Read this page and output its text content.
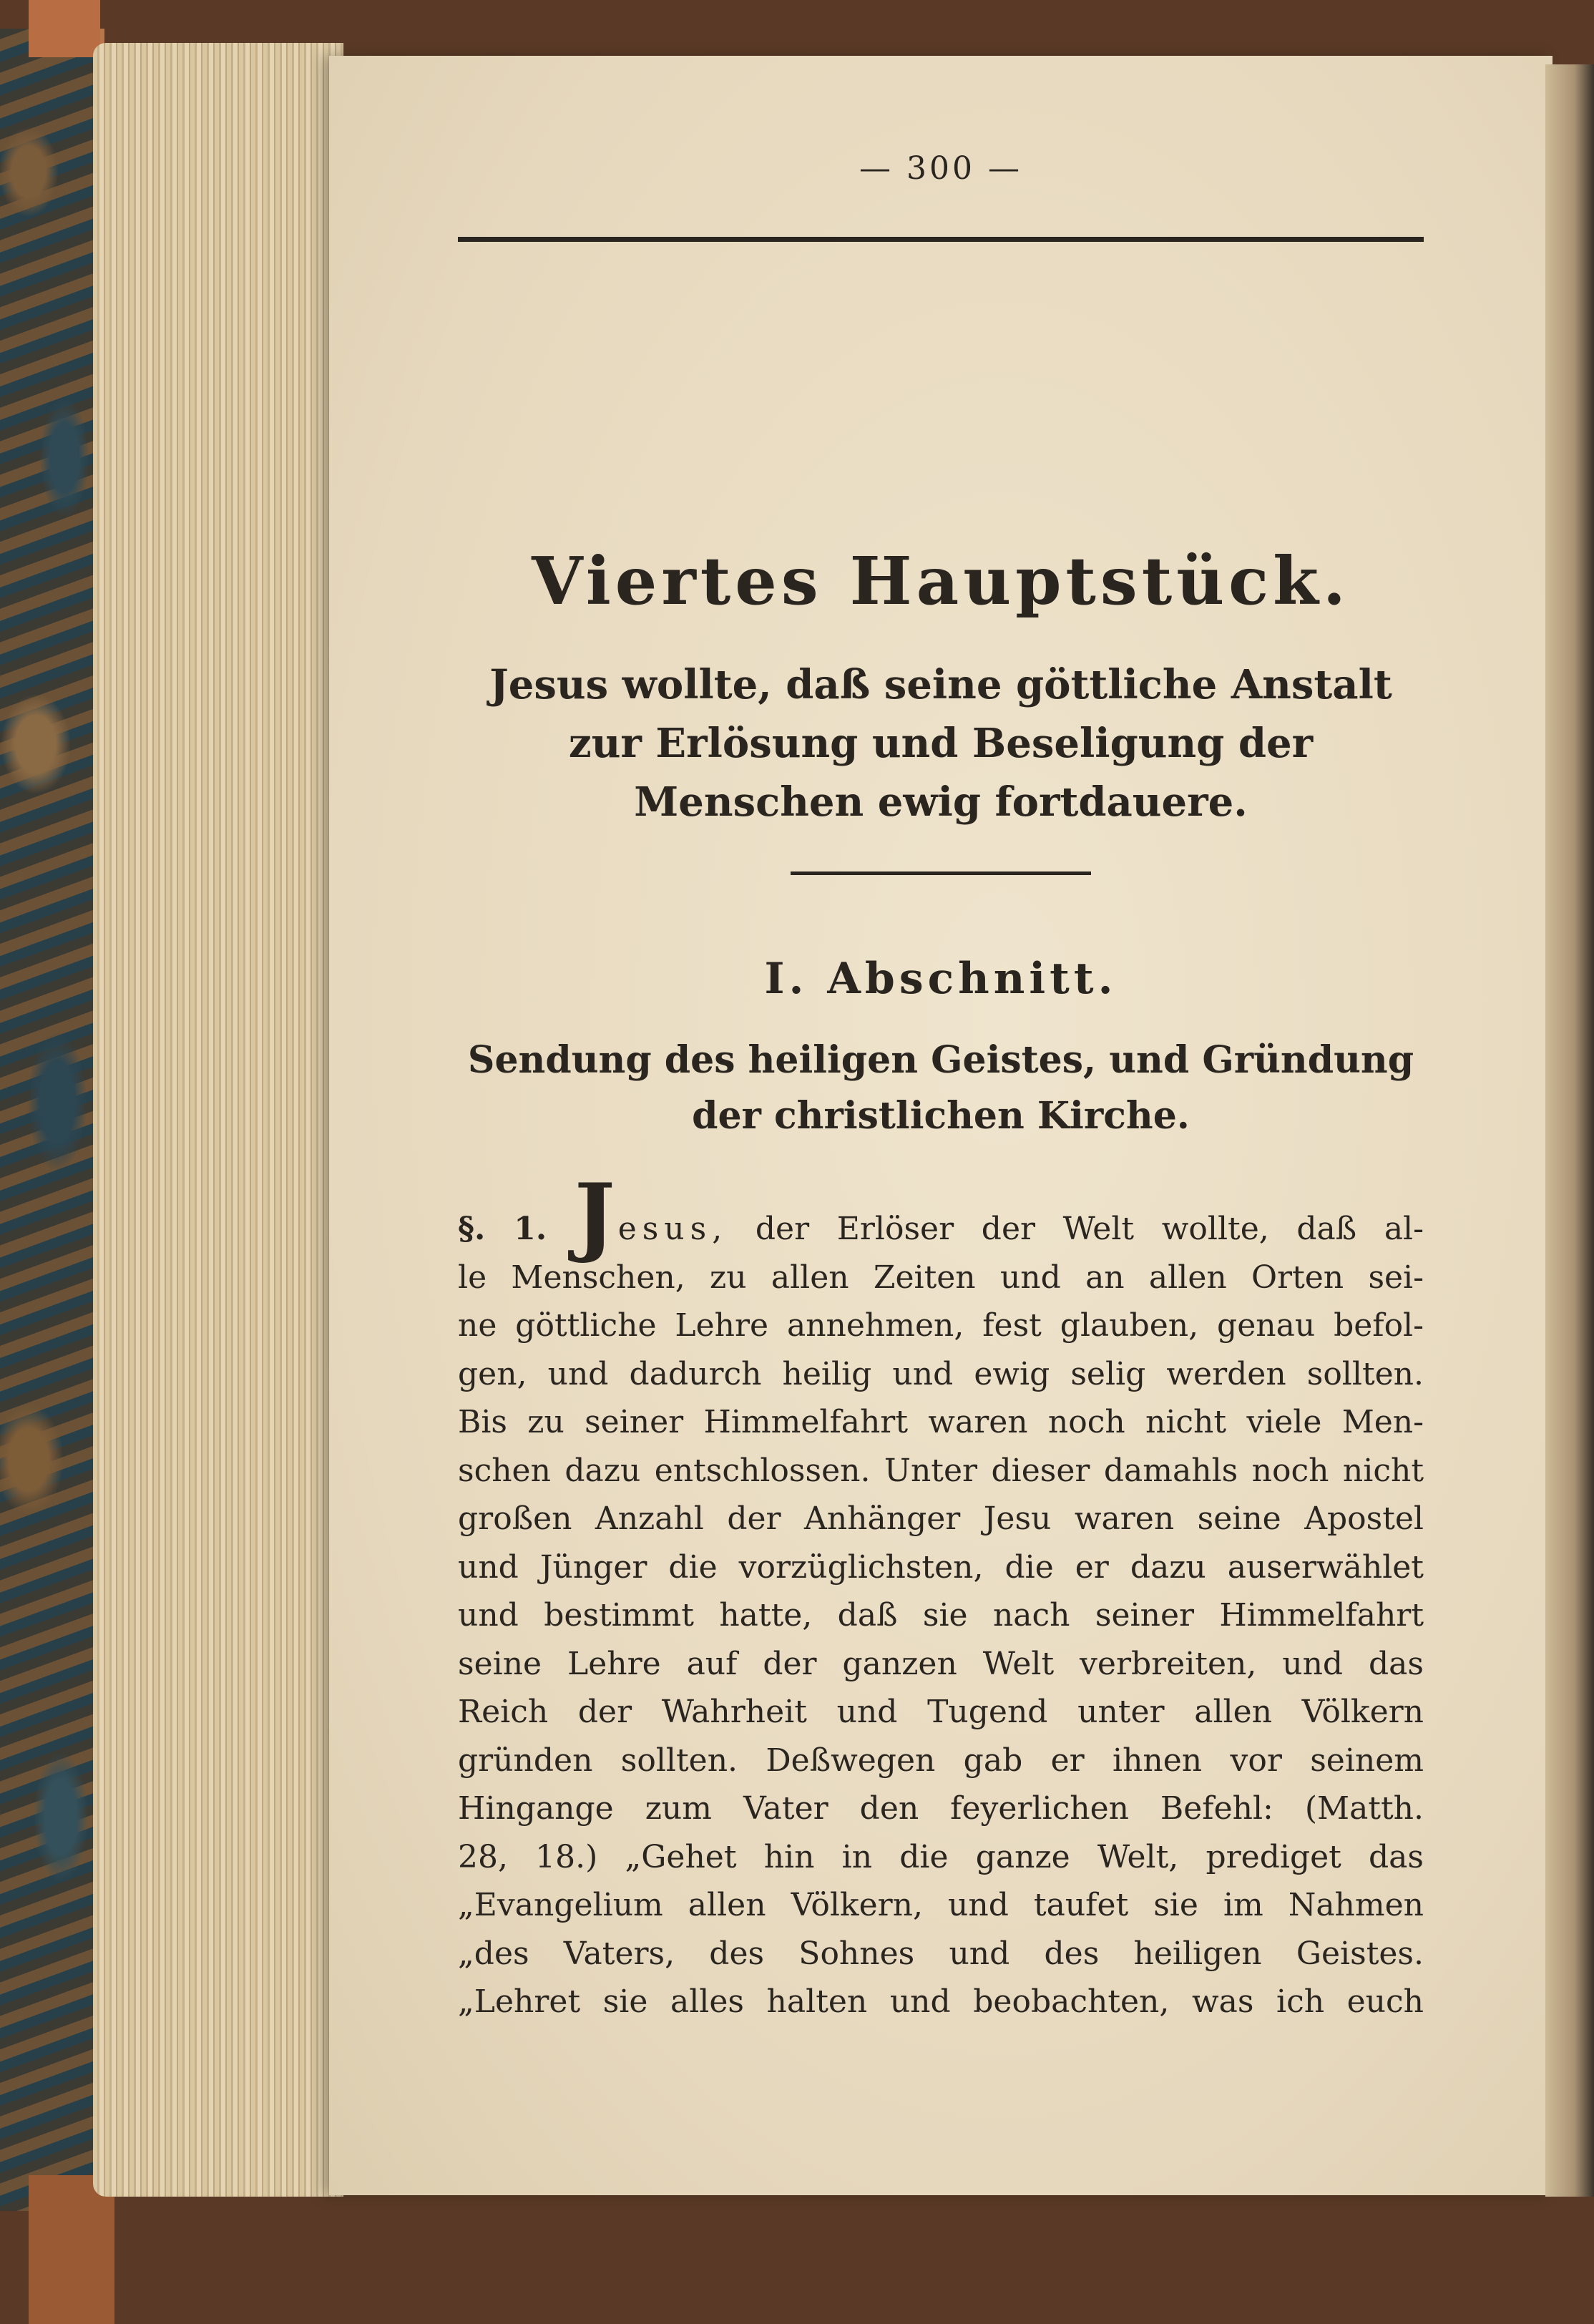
— 300 —
Viertes Hauptstück.
Jesus wollte, daß seine göttliche Anstalt zur Erlösung und Beseligung der Menschen ewig fortdauere.
I. Abschnitt.
Sendung des heiligen Geistes, und Gründung der christlichen Kirche.
§. 1. Jesus, der Erlöser der Welt wollte, daß al-
le Menschen, zu allen Zeiten und an allen Orten sei-
ne göttliche Lehre annehmen, fest glauben, genau befol-
gen, und dadurch heilig und ewig selig werden sollten.
Bis zu seiner Himmelfahrt waren noch nicht viele Men-
schen dazu entschlossen. Unter dieser damahls noch nicht
großen Anzahl der Anhänger Jesu waren seine Apostel
und Jünger die vorzüglichsten, die er dazu auserwählet
und bestimmt hatte, daß sie nach seiner Himmelfahrt
seine Lehre auf der ganzen Welt verbreiten, und das
Reich der Wahrheit und Tugend unter allen Völkern
gründen sollten. Deßwegen gab er ihnen vor seinem
Hingange zum Vater den feyerlichen Befehl: (Matth.
28, 18.) „Gehet hin in die ganze Welt, prediget das
„Evangelium allen Völkern, und taufet sie im Nahmen
„des Vaters, des Sohnes und des heiligen Geistes.
„Lehret sie alles halten und beobachten, was ich euch
